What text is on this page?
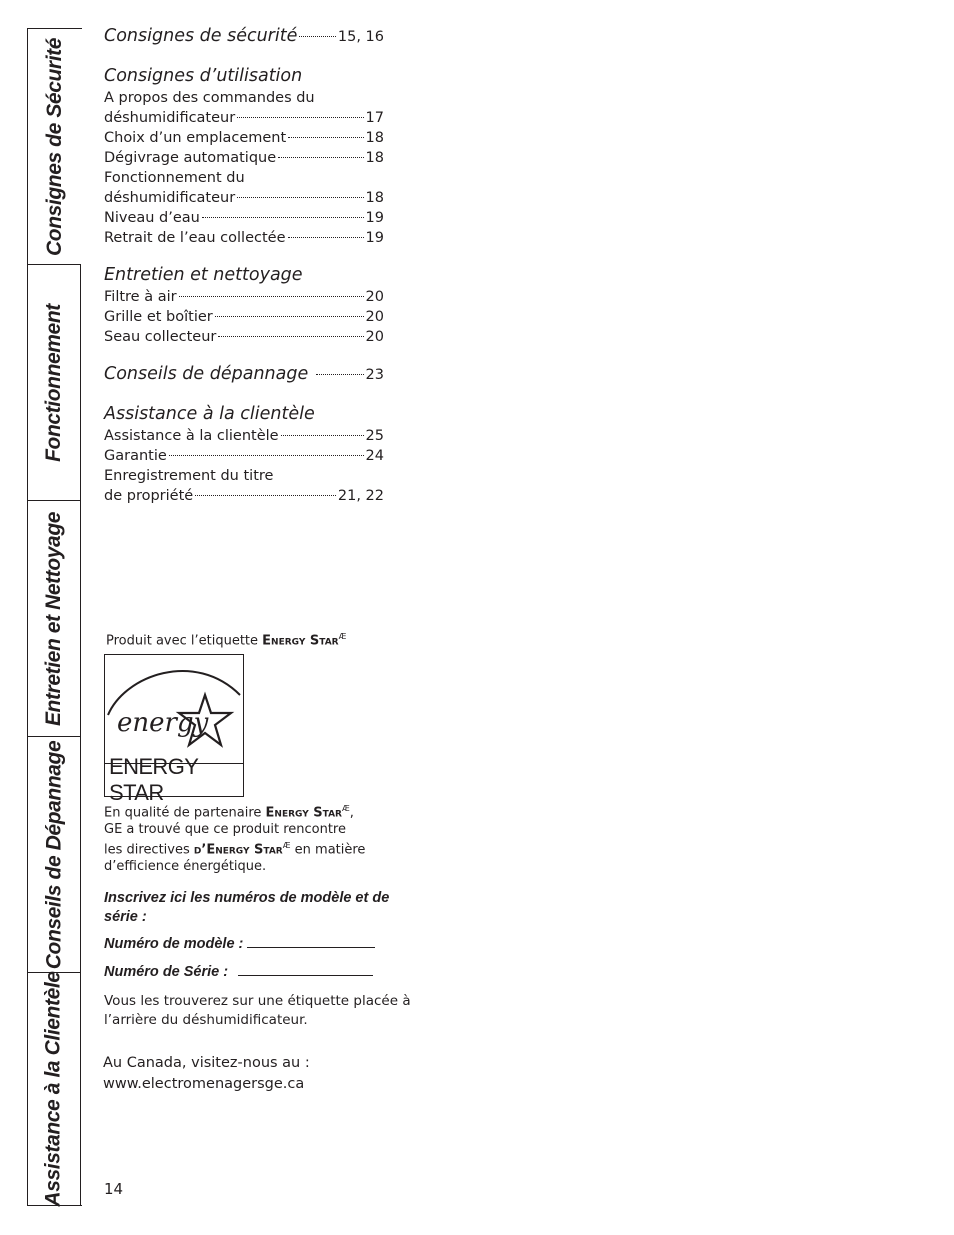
Consignes de Sécurité
Fonctionnement
Entretien et Nettoyage
Conseils de Dépannage
Assistance à la Clientèle
Consignes de sécurité	15, 16
Consignes d’utilisation
A propos des commandes du
déshumidificateur	17
Choix d’un emplacement	18
Dégivrage automatique	18
Fonctionnement du
déshumidificateur	18
Niveau d’eau	19
Retrait de l’eau collectée	19
Entretien et nettoyage
Filtre à air	20
Grille et boîtier	20
Seau collecteur	20
Conseils de dépannage	23
Assistance à la clientèle
Assistance à la clientèle	25
Garantie	24
Enregistrement du titre
de propriété	21, 22
Produit avec l’etiquette Energy Star$^Æ$
energy
ENERGY STAR
En qualité de partenaire Energy Star$^Æ$,
GE a trouvé que ce produit rencontre
les directives d’Energy Star$^Æ$ en matière
d’efficience énergétique.
Inscrivez ici les numéros de modèle et de série :
Numéro de modèle :
Numéro de Série :
Vous les trouverez sur une étiquette placée à l’arrière du déshumidificateur.
Au Canada, visitez-nous au :
www.electromenagersge.ca
14
